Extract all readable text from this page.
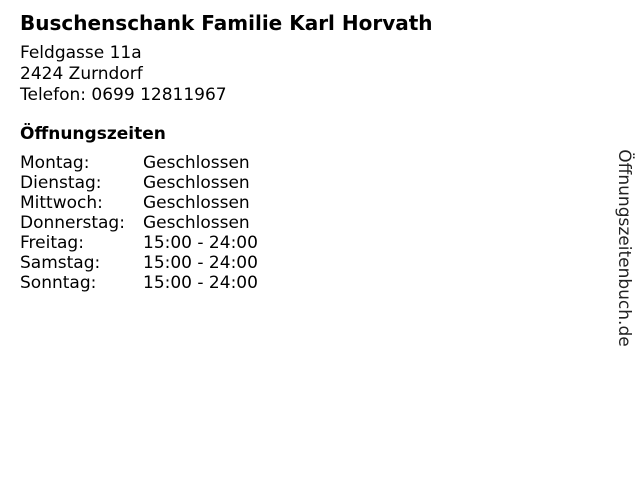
Buschenschank Familie Karl Horvath
Feldgasse 11a
2424 Zurndorf
Telefon: 0699 12811967
Öffnungszeiten
Montag:	Geschlossen
Dienstag: Geschlossen
Mittwoch: Geschlossen
Donnerstag: Geschlossen
Freitag:	15:00 - 24:00
Samstag:	15:00 - 24:00
Sonntag:	15:00 - 24:00	Öffnungszeitenbuch.de
